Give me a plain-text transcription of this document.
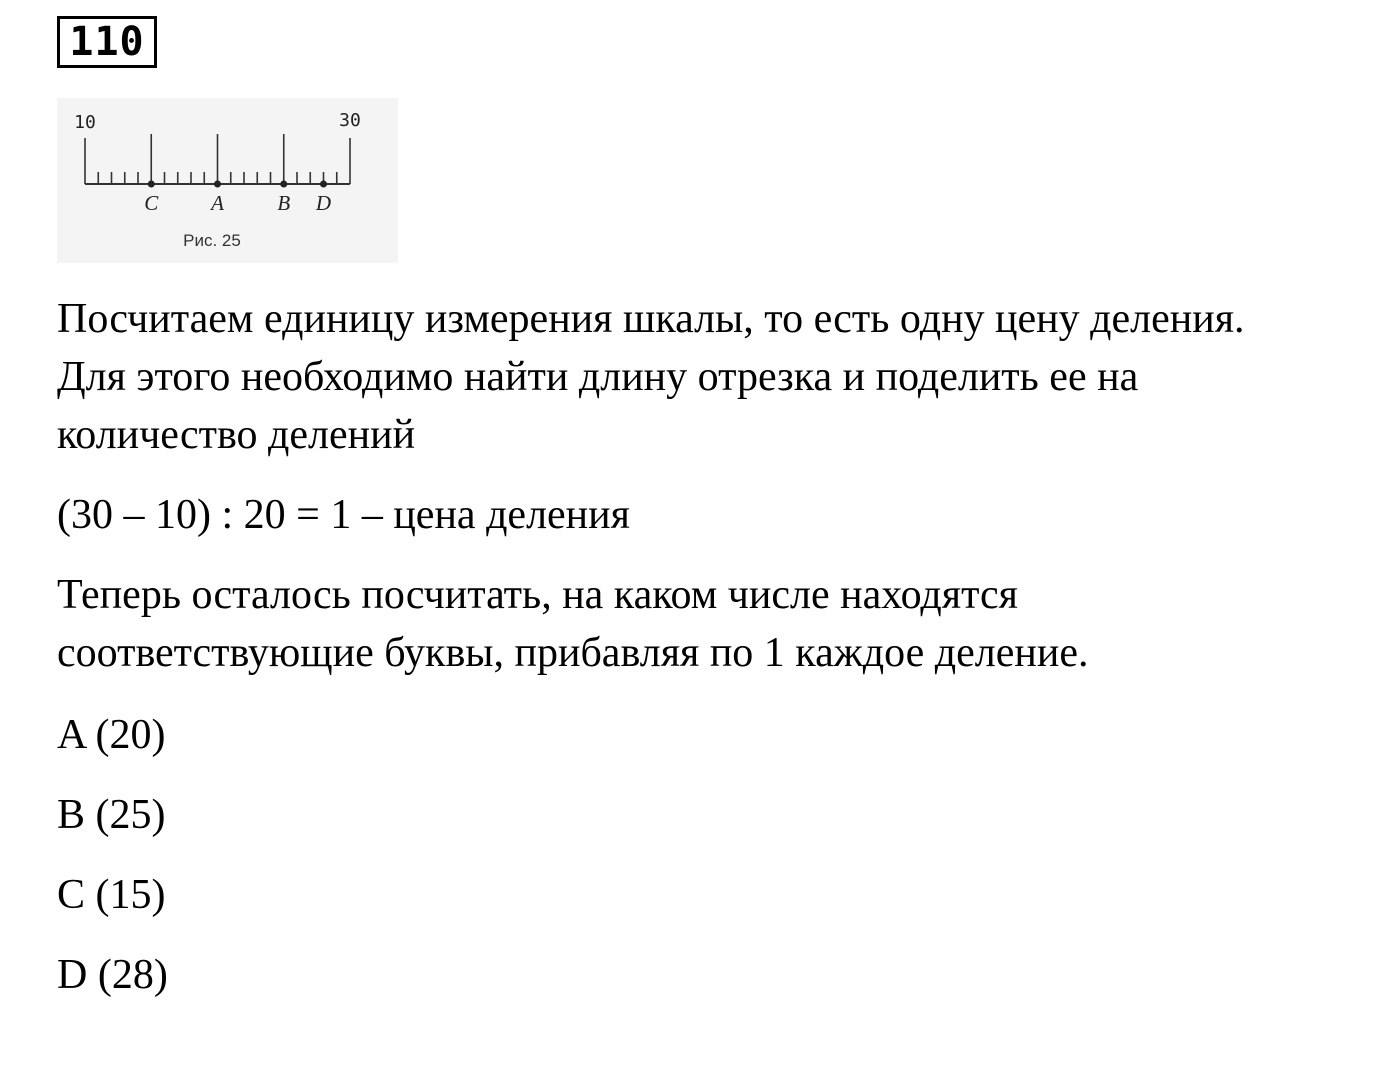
110
10	30
C	A	B D
Рис. 25

Посчитаем единицу измерения шкалы, то есть одну цену деления.
Для этого необходимо найти длину отрезка и поделить ее на
количество делений

(30 – 10) : 20 = 1 – цена деления

Теперь осталось посчитать, на каком числе находятся
соответствующие буквы, прибавляя по 1 каждое деление.

A (20)

B (25)

C (15)

D (28)
